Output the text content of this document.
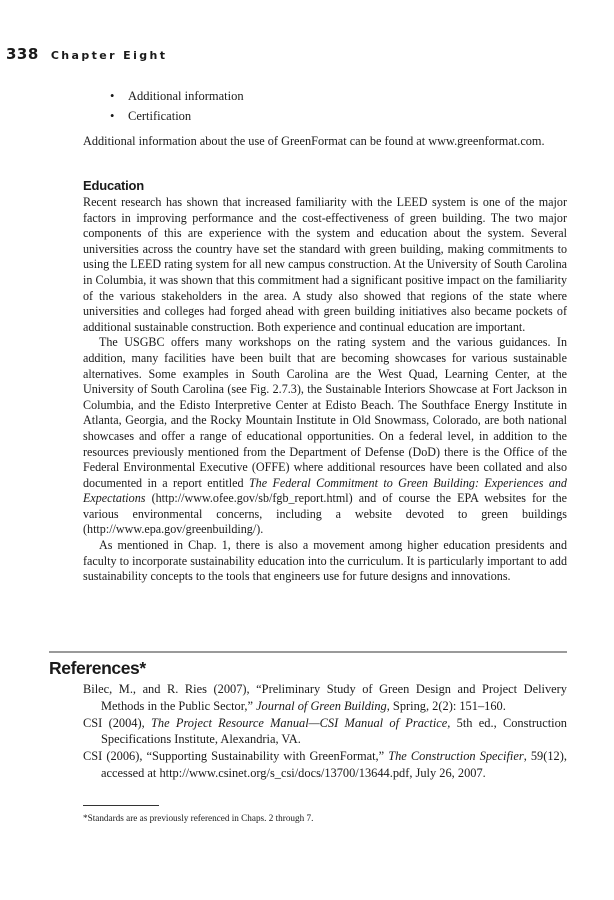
338 Chapter Eight
• Additional information
• Certification
Additional information about the use of GreenFormat can be found at www.greenformat.com.
Education

Recent research has shown that increased familiarity with the LEED system is one of the major factors in improving performance and the cost-effectiveness of green building. The two major components of this are experience with the system and education about the system. Several universities across the country have set the standard with green building, making commitments to using the LEED rating system for all new campus construction. At the University of South Carolina in Columbia, it was shown that this commitment had a significant positive impact on the familiarity of the various stakeholders in the area. A study also showed that regions of the state where universities and colleges had forged ahead with green building initiatives also became pockets of additional sustainable construction. Both experience and continual education are important.

The USGBC offers many workshops on the rating system and the various guidances. In addition, many facilities have been built that are becoming showcases for various sustainable alternatives. Some examples in South Carolina are the West Quad, Learning Center, at the University of South Carolina (see Fig. 2.7.3), the Sustainable Interiors Showcase at Fort Jackson in Columbia, and the Edisto Interpretive Center at Edisto Beach. The Southface Energy Institute in Atlanta, Georgia, and the Rocky Mountain Institute in Old Snowmass, Colorado, are both national showcases and offer a range of educational opportunities. On a federal level, in addition to the resources previously mentioned from the Department of Defense (DoD) there is the Office of the Federal Environmental Executive (OFFE) where additional resources have been collated and also documented in a report entitled The Federal Commitment to Green Building: Experiences and Expectations (http://www.ofee.gov/sb/fgb_report.html) and of course the EPA websites for the various environmental concerns, including a website devoted to green buildings (http://www.epa.gov/greenbuilding/).

As mentioned in Chap. 1, there is also a movement among higher education presidents and faculty to incorporate sustainability education into the curriculum. It is particularly important to add sustainability concepts to the tools that engineers use for future designs and innovations.

References*

Bilec, M., and R. Ries (2007), “Preliminary Study of Green Design and Project Delivery Methods in the Public Sector,” Journal of Green Building, Spring, 2(2): 151–160.

CSI (2004), The Project Resource Manual—CSI Manual of Practice, 5th ed., Construction Specifications Institute, Alexandria, VA.

CSI (2006), “Supporting Sustainability with GreenFormat,” The Construction Specifier, 59(12), accessed at http://www.csinet.org/s_csi/docs/13700/13644.pdf, July 26, 2007.

*Standards are as previously referenced in Chaps. 2 through 7.
